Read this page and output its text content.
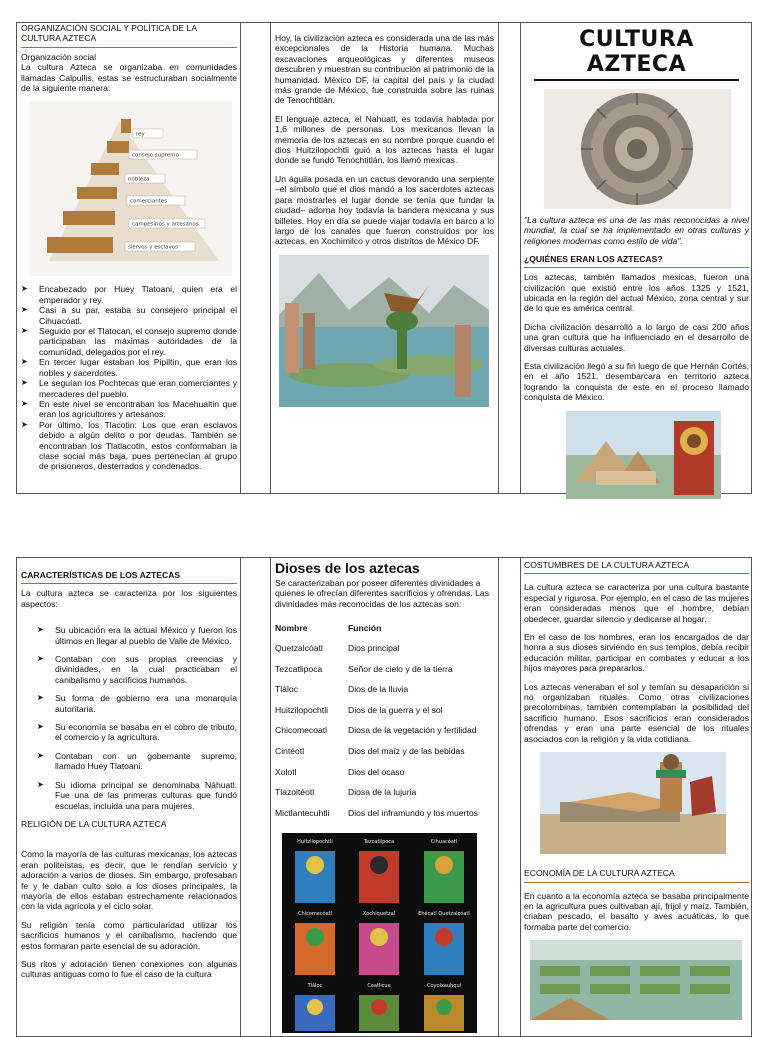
ORGANIZACIÓN SOCIAL Y POLÍTICA DE LA CULTURA AZTECA
Organización social

La cultura Azteca se organizaba en comunidades llamadas Calpullis, estas se estructuraban socialmente de la siguiente manera:

rey
consejo supremo
nobleza
comerciantes
campesinos y artesanos
siervos y esclavos
➤ Encabezado por Huey Tlatoani, quien era el emperador y rey.
➤ Casi a su par, estaba su consejero principal el Cihuacóatl.
➤ Seguido por el Tlatocan, el consejo supremo donde participaban las máximas autoridades de la comunidad, delegados por el rey.
➤ En tercer lugar estaban los Pipiltin, que eran los nobles y sacerdotes.
➤ Le seguían los Pochtecas que eran comerciantes y mercaderes del pueblo.
➤ En este nivel se encontraban los Macehualtin que eran los agricultores y artesanos.
➤ Por último, los Tlacotin: Los que eran esclavos debido a algún delito o por deudas. También se encontraban los Tlatlacotin, estos conformaban la clase social más baja, pues pertenecían al grupo de prisioneros, desterrados y condenados.

Hoy, la civilización azteca es considerada una de las más excepcionales de la Historia humana. Muchas excavaciones arqueológicas y diferentes museos descubren y muestran su contribución al patrimonio de la humanidad. México DF, la capital del país y la ciudad más grande de México, fue construida sobre las ruinas de Tenochtitlán.

El lenguaje azteca, el Nahuatl, es todavía hablada por 1,6 millones de personas. Los mexicanos llevan la memoria de los aztecas en su nombre porque cuando el dios Huitzilopochtli guió a los aztecas hasta el lugar donde se fundó Tenochtitlán, los llamó mexicas.

Un águila posada en un cactus devorando una serpiente –el símbolo que el dios mandó a los sacerdotes aztecas para mostrarles el lugar donde se tenía que fundar la ciudad– adorna hoy todavía la bandera mexicana y sus billetes. Hoy en día se puede viajar todavía en barco a lo largo de los canales que fueron construidos por los aztecas, en Xochimilco y otros distritos de México DF.

CULTURA AZTECA
"La cultura azteca es una de las más reconocidas a nivel mundial, la cual se ha implementado en otras culturas y religiones modernas como estilo de vida".
¿QUIÉNES ERAN LOS AZTECAS?

Los aztecas, también llamados mexicas, fueron una civilización que existió entre los años 1325 y 1521, ubicada en la región del actual México, zona central y sur de lo que es américa central.

Dicha civilización desarrolló a lo largo de casi 200 años una gran cultura que ha influenciado en el desarrollo de diversas culturas actuales.

Esta civilización llegó a su fin luego de que Hernán Cortés, en el año 1521, desembarcara en territorio azteca logrando la conquista de este en el proceso llamado conquista de México.

CARACTERÍSTICAS DE LOS AZTECAS

La cultura azteca se caracteriza por los siguientes aspectos:

➤ Su ubicación era la actual México y fueron los últimos en llegar al pueblo de Valle de México.
➤ Contaban con sus propias creencias y divinidades, en la cual practicaban el canibalismo y sacrificios humanos.
➤ Su forma de gobierno era una monarquía autoritaria.
➤ Su economía se basaba en el cobro de tributo, el comercio y la agricultura.
➤ Contaban con un gobernante supremo, llamado Huey Tlatoani.
➤ Su idioma principal se denominaba Náhuatl. Fue una de las primeras culturas que fundó escuelas, incluida una para mujeres.
RELIGIÓN DE LA CULTURA AZTECA

Como la mayoría de las culturas mexicanas, los aztecas eran politeístas, es decir, que le rendían servicio y adoración a varios de dioses. Sin embargo, profesaban fe y le daban culto solo a los dioses principales, la mayoría de ellos estaban estrechamente relacionados con la vida agrícola y el ciclo solar.

Su religión tenía como particularidad utilizar los sacrificios humanos y el canibalismo, haciendo que estos formaran parte esencial de su adoración.

Sus ritos y adoración tienen conexiones con algunas culturas antiguas como lo fue el caso de la cultura

Dioses de los aztecas

Se caracterizaban por poseer diferentes divinidades a quienes le ofrecían diferentes sacrificios y ofrendas. Las divinidades más reconocidas de los aztecas son:

Nombre	Función
Quetzalcóatl	Dios principal
Tezcatlipoca	Señor de cielo y de la tierra
Tláloc	Dios de la lluvia
Huitzilopochtli	Dios de la guerra y el sol
Chicomecoatl	Diosa de la vegetación y fertilidad
Cintéotl	Dios del maíz y de las bebidas
Xolotl	Dios del ocaso
Tlazoltéotl	Diosa de la lujuria
Mictlantecuhtli	Dios del inframundo y los muertos
Huitzilopochtli	Tezcatlipoca	Cihuacóatl
Chicomecóatl	Xochiquetzal	Ehécatl Quetzalcóatl
Tláloc	Coatlicue	Coyolxauhqui
COSTUMBRES DE LA CULTURA AZTECA

La cultura azteca se caracteriza por una cultura bastante especial y rigurosa. Por ejemplo, en el caso de las mujeres eran consideradas menos que el hombre, debían obedecer, guardar silencio y dedicarse al hogar.

En el caso de los hombres, eran los encargados de dar honra a sus dioses sirviendo en sus templos, debía recibir educación militar, participar en combates y educar a los hijos mayores para prepararlos.

Los aztecas veneraban el sol y temían su desaparición si no organizaban rituales. Como otras civilizaciones precolombinas, también contemplaban la posibilidad del sacrificio humano. Esos sacrificios eran considerados ofrendas y eran una parte esencial de los rituales asociados con la religión y la vida cotidiana.

ECONOMÍA DE LA CULTURA AZTECA

En cuanto a la economía azteca se basaba principalmente en la agricultura pues cultivaban ají, frijol y maíz. También, criaban pescado, el basalto y aves acuáticas, lo que formaba parte del comercio.
